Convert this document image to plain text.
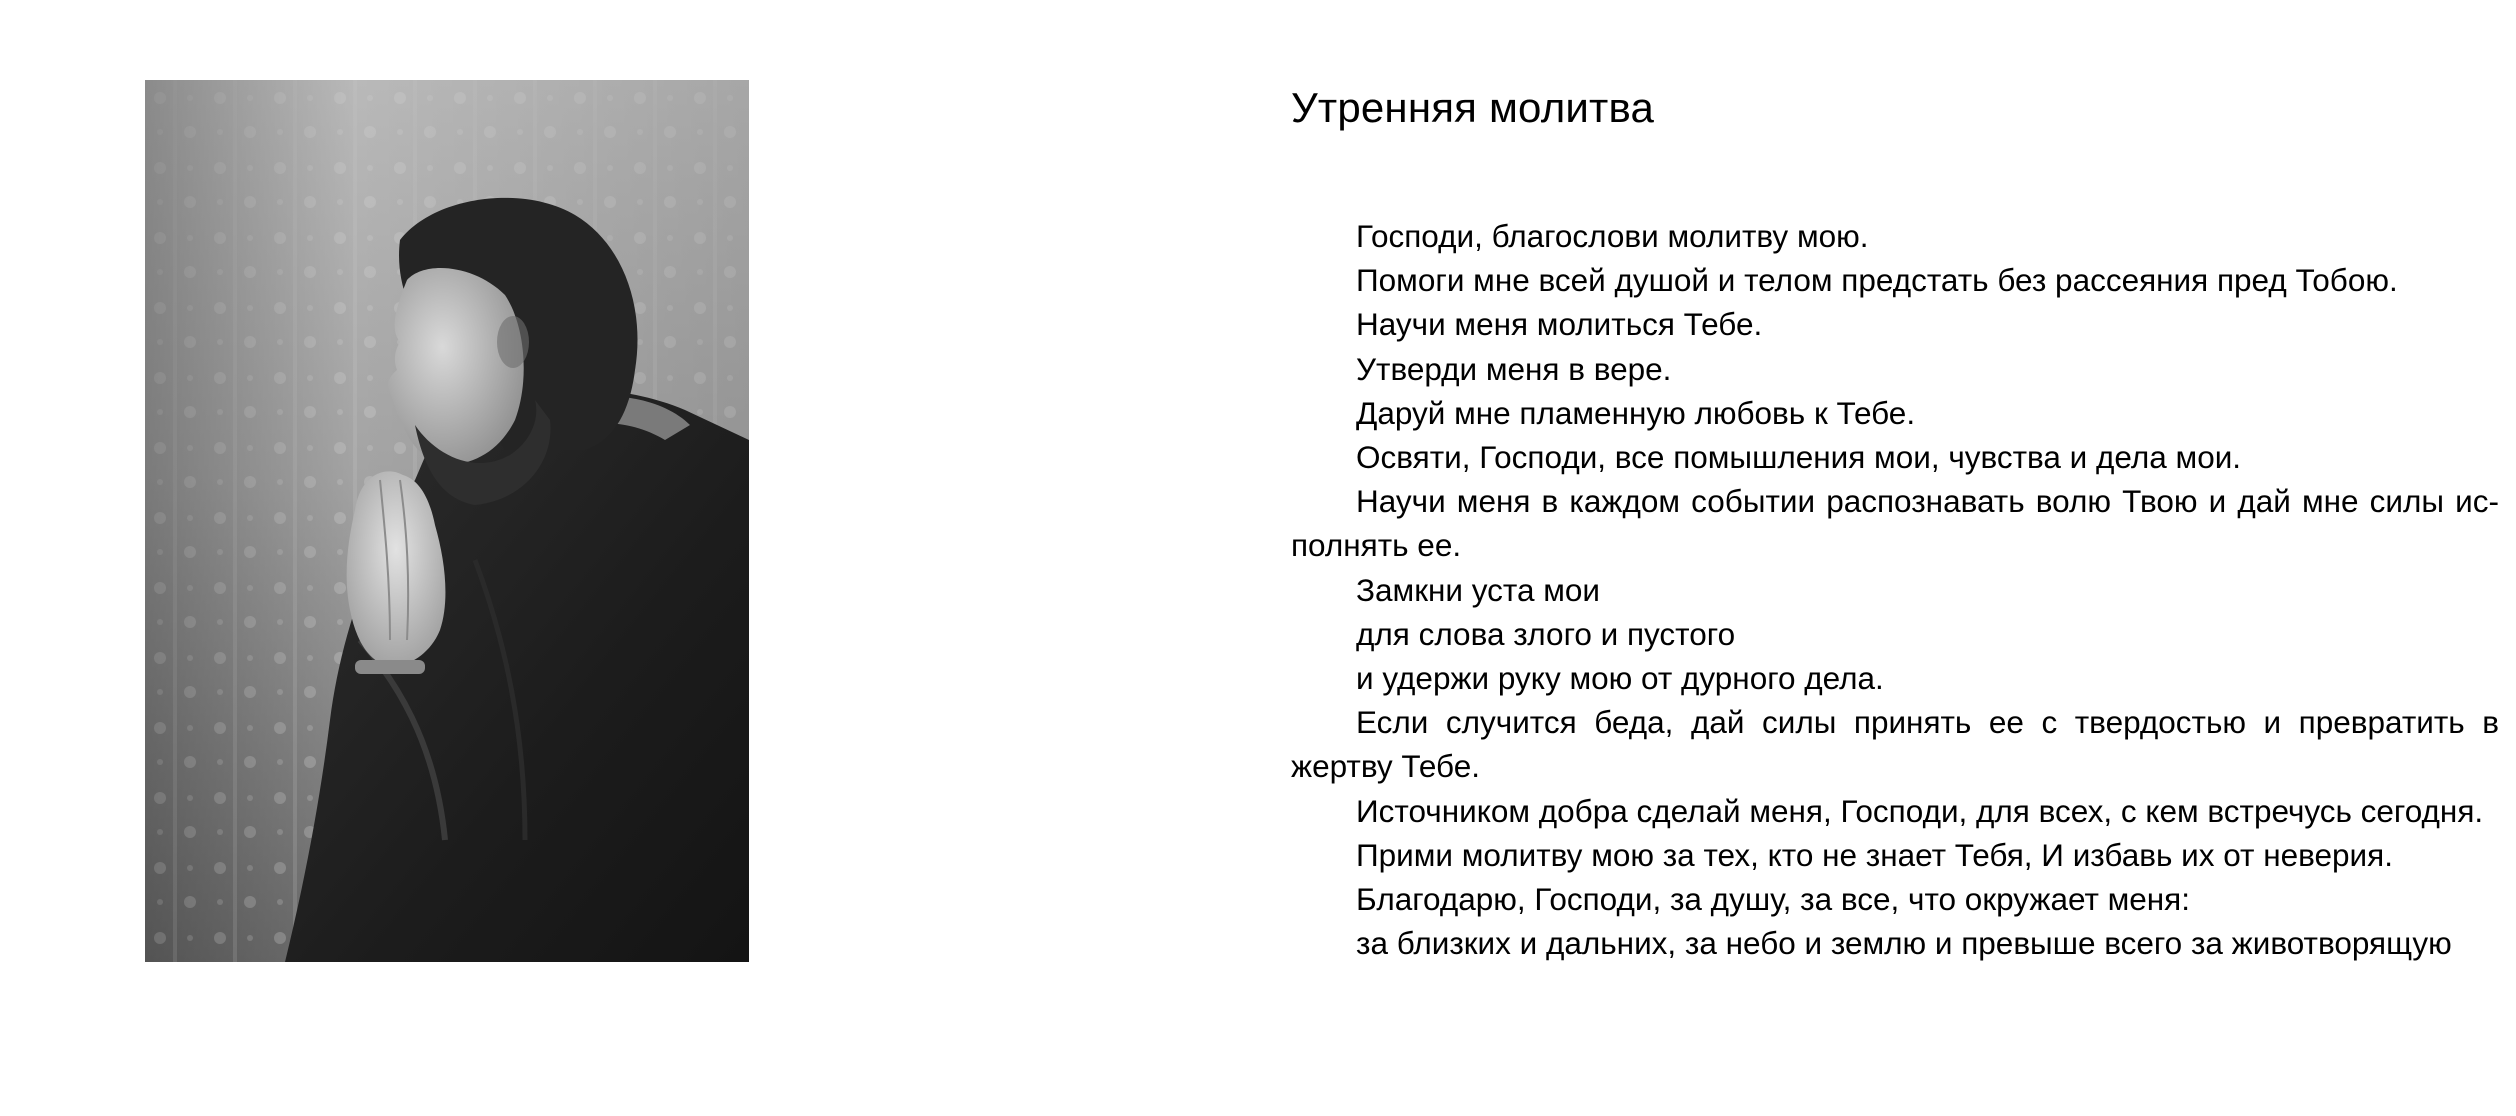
Утренняя молитва

Господи, благослови молитву мою.

Помоги мне всей душой и телом предстать без рассеяния пред Тобою.

Научи меня молиться Тебе.

Утверди меня в вере.

Даруй мне пламенную любовь к Тебе.

Освяти, Господи, все помышления мои, чувства и дела мои.

Научи меня в каждом событии распознавать волю Твою и дай мне силы исполнять ее.

Замкни уста мои

для слова злого и пустого

и удержи руку мою от дурного дела.

Если случится беда, дай силы принять ее с твердостью и превратить в жертву Тебе.

Источником добра сделай меня, Господи, для всех, с кем встречусь сегодня.

Прими молитву мою за тех, кто не знает Тебя, И избавь их от неверия.

Благодарю, Господи, за душу, за все, что окружает меня:

за близких и дальних, за небо и землю и превыше всего за животворящую
